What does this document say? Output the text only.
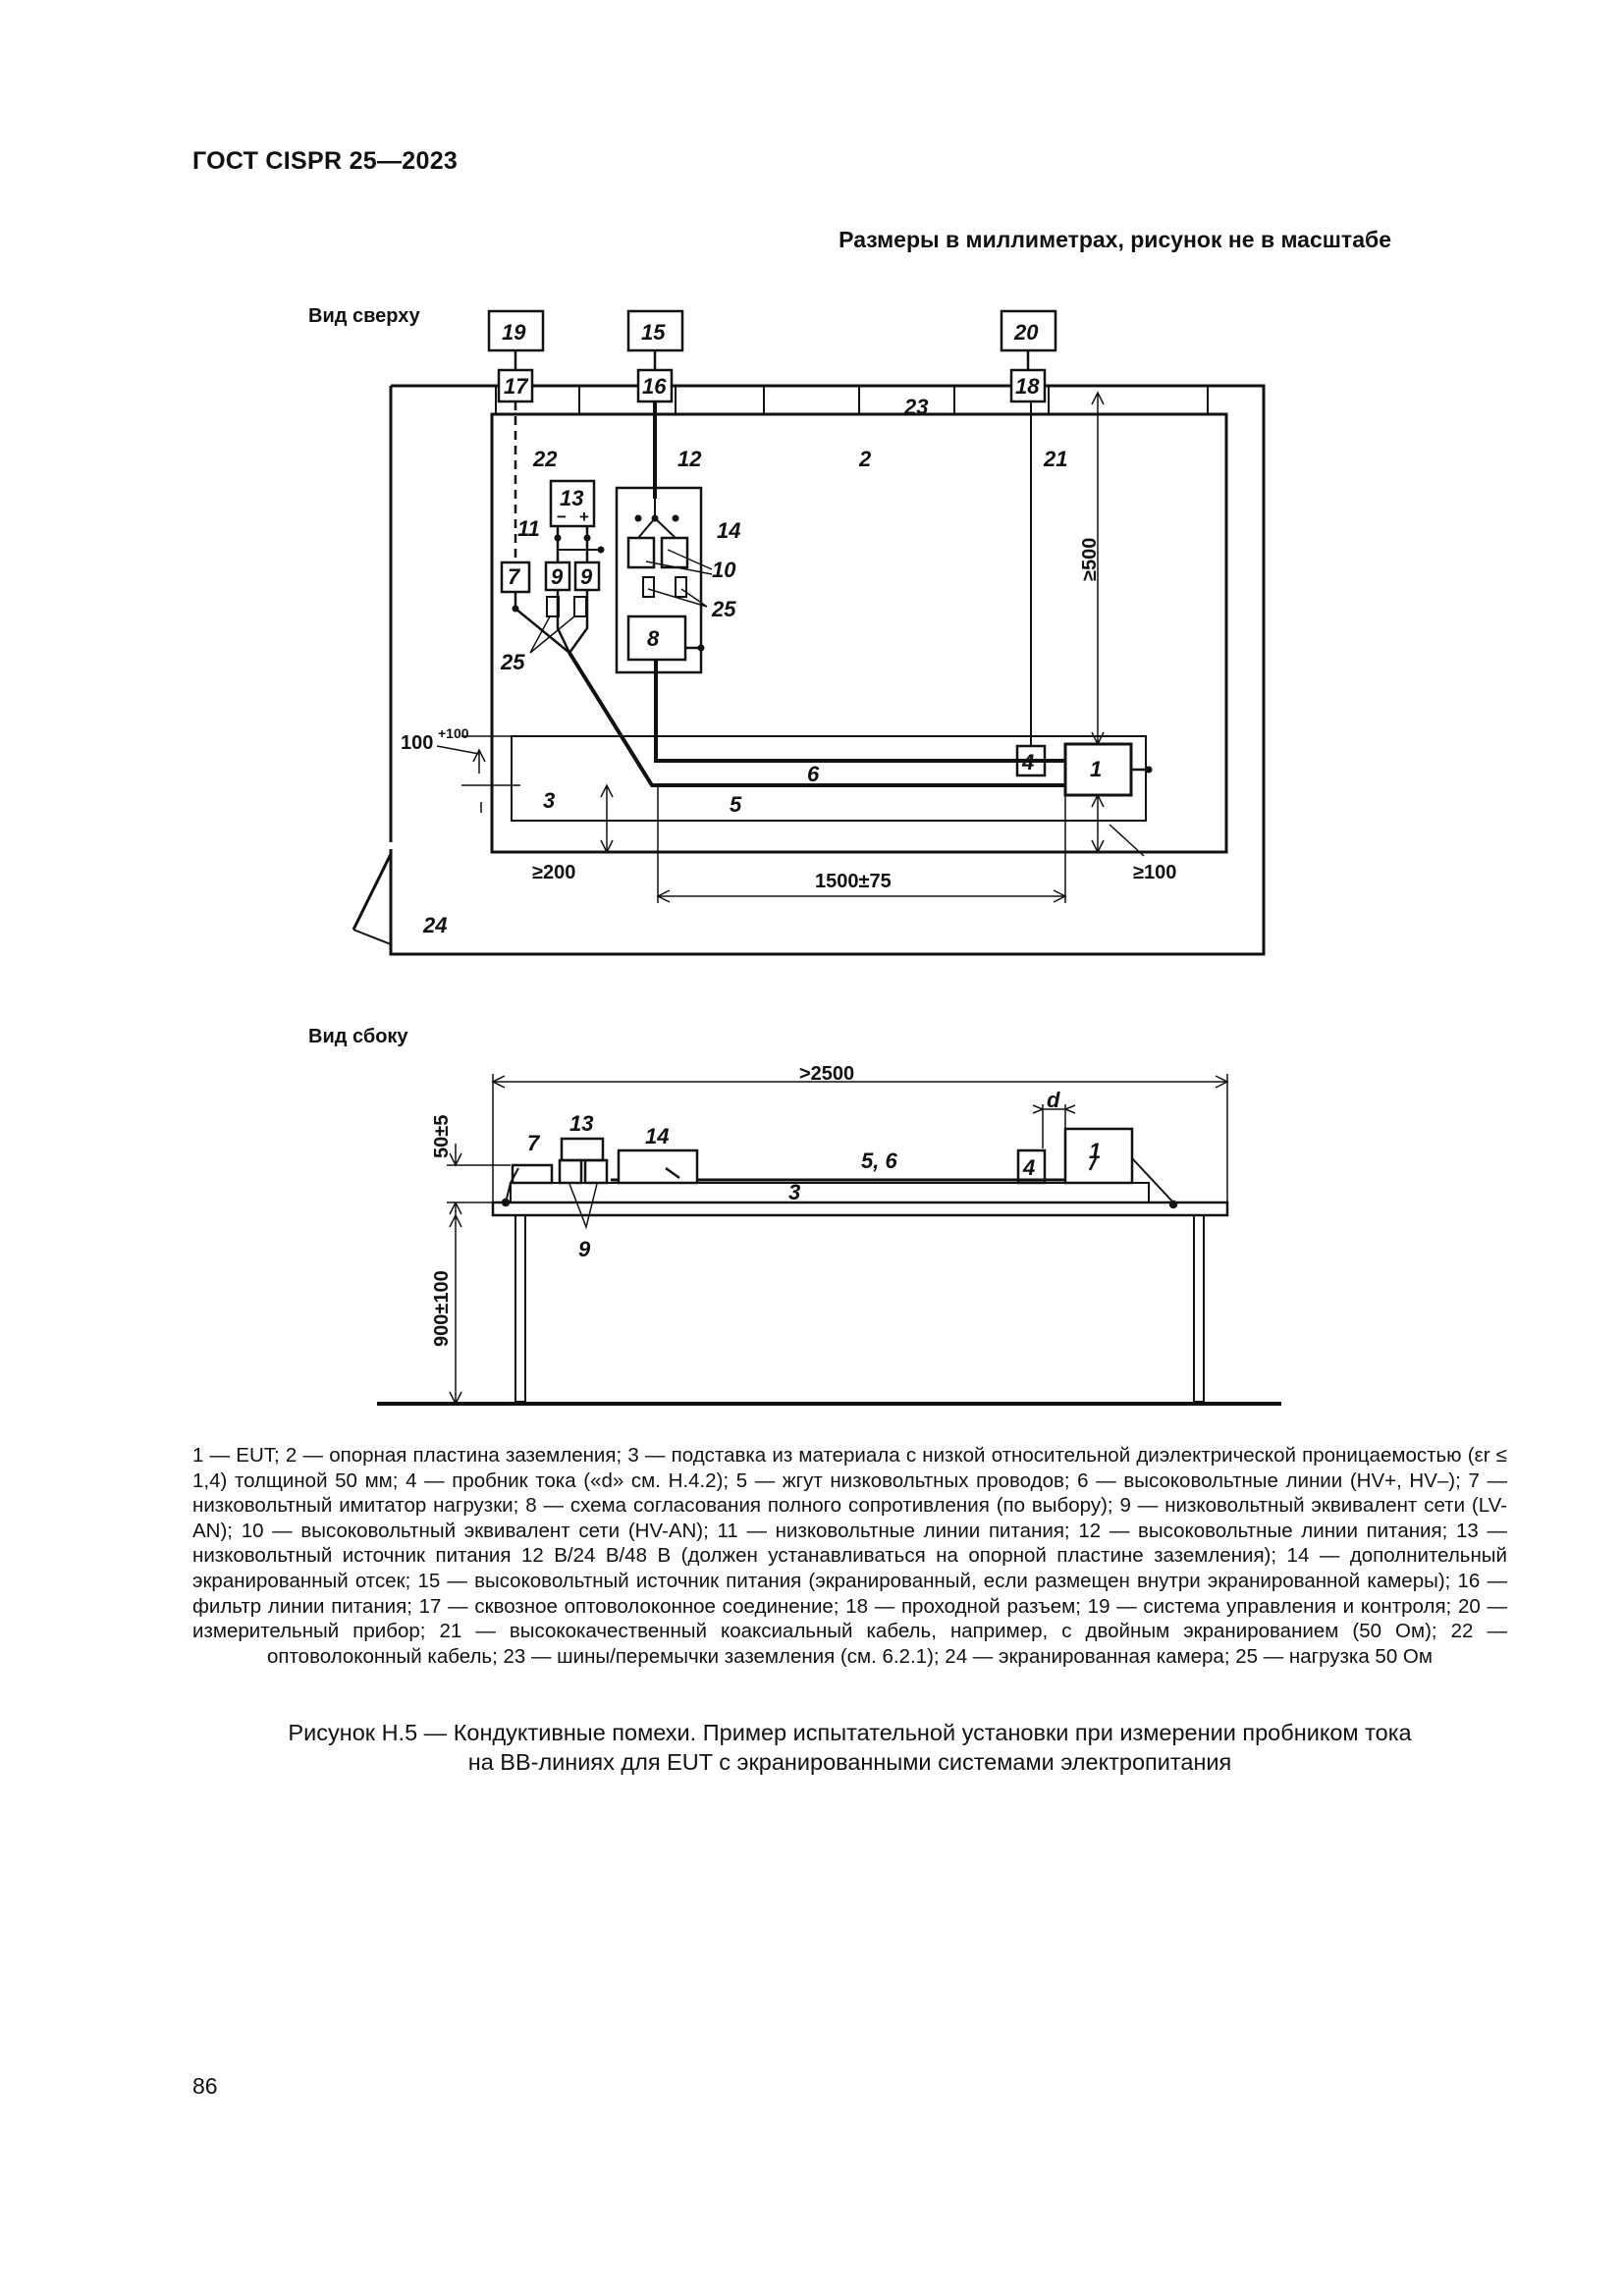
ГОСТ CISPR 25—2023
Размеры в миллиметрах, рисунок не в масштабе
Вид сверху
19	15	20
17	16	18
23
22	12	2	21
13
− +
11	14
7 9 9	10
25
8
25
≥500
100 +100
4	1
6
3	5
≥200	1500±75	≥100
24
Вид сбоку
>2500
d
13
7	14
5, 6	4
1
3
9
50±5
900±100
1 — EUT; 2 — опорная пластина заземления; 3 — подставка из материала с низкой относительной диэлектрической проницаемостью (εr ≤ 1,4) толщиной 50 мм; 4 — пробник тока («d» см. H.4.2); 5 — жгут низковольтных проводов; 6 — высоковольтные линии (HV+, HV–); 7 — низковольтный имитатор нагрузки; 8 — схема согласования полного сопротивления (по выбору); 9 — низковольтный эквивалент сети (LV-AN); 10 — высоковольтный эквивалент сети (HV-AN); 11 — низковольтные линии питания; 12 — высоковольтные линии питания; 13 — низковольтный источник питания 12 В/24 В/48 В (должен устанавливаться на опорной пластине заземления); 14 — дополнительный экранированный отсек; 15 — высоковольтный источник питания (экранированный, если размещен внутри экранированной камеры); 16 — фильтр линии питания; 17 — сквозное оптоволоконное соединение; 18 — проходной разъем; 19 — система управления и контроля; 20 — измерительный прибор; 21 — высококачественный коаксиальный кабель, например, с двойным экранированием (50 Ом); 22 — оптоволоконный кабель; 23 — шины/перемычки заземления (см. 6.2.1); 24 — экранированная камера; 25 — нагрузка 50 Ом
Рисунок H.5 — Кондуктивные помехи. Пример испытательной установки при измерении пробником тока
на ВВ-линиях для EUT с экранированными системами электропитания
86
